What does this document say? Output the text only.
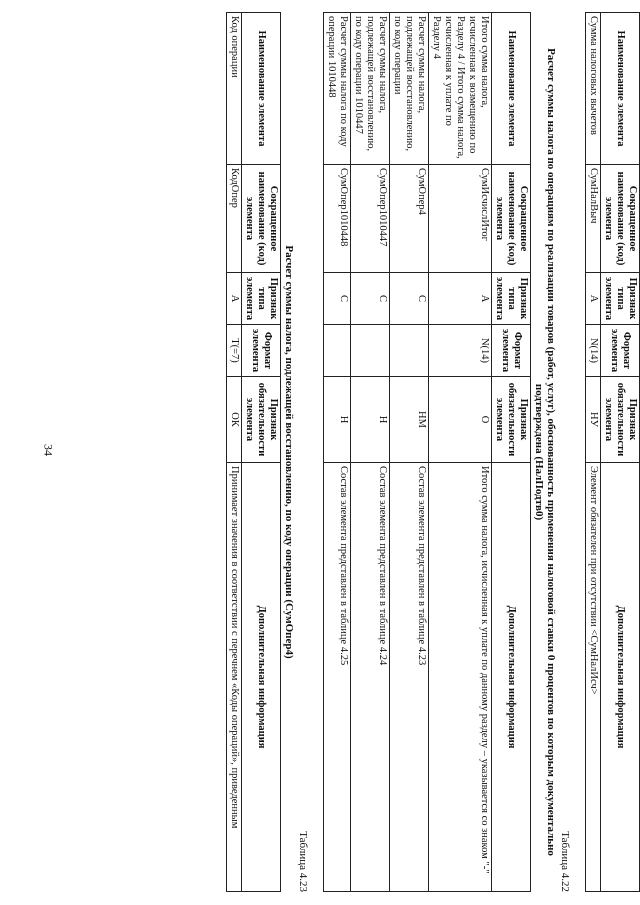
34
Наименование элемента	Сокращенное наименование (код) элемента	Признак типа элемента	Формат элемента	Признак обязательности элемента	Дополнительная информация
Сумма налоговых вычетов	СумНалВыч	А	N(14)	НУ	Элемент обязателен при отсутствии <СумНалИсч>
Таблица 4.22
Расчет суммы налога по операциям по реализации товаров (работ, услуг), обоснованность применения налоговой ставки 0 процентов по которым документально подтверждена (НалПодтв0)
Наименование элемента	Сокращенное наименование (код) элемента	Признак типа элемента	Формат элемента	Признак обязательности элемента	Дополнительная информация
Итого сумма налога, исчисленная к возмещению по Разделу 4 / Итого сумма налога, исчисленная к уплате по Разделу 4	СумИсчислИтог	А	N(14)	О	Итого сумма налога, исчисленная к уплате по данному разделу – указывается со знаком "-"
Расчет суммы налога, подлежащей восстановлению, по коду операции	СумОпер4	С		НМ	Состав элемента представлен в таблице 4.23
Расчет суммы налога, подлежащей восстановлению, по коду операции 1010447	СумОпер1010447	С		Н	Состав элемента представлен в таблице 4.24
Расчет суммы налога по коду операции 1010448	СумОпер1010448	С		Н	Состав элемента представлен в таблице 4.25
Таблица 4.23
Расчет суммы налога, подлежащей восстановлению, по коду операции (СумОпер4)
Наименование элемента	Сокращенное наименование (код) элемента	Признак типа элемента	Формат элемента	Признак обязательности элемента	Дополнительная информация
Код операции	КодОпер	А	T(=7)	ОК	Принимает значения в соответствии с перечнем «Коды операций», приведенным
